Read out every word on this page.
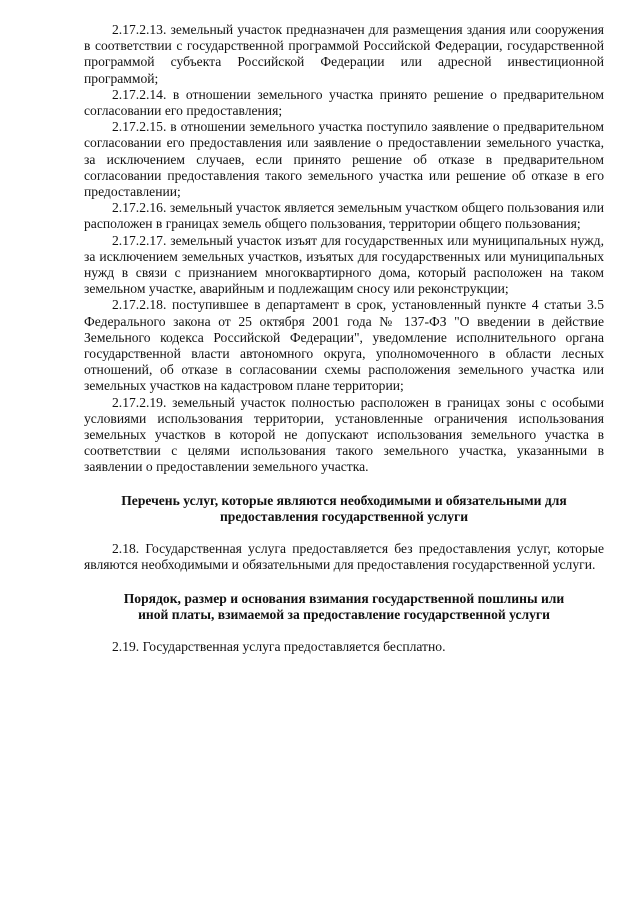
2.17.2.13. земельный участок предназначен для размещения здания или сооружения в соответствии с государственной программой Российской Федерации, государственной программой субъекта Российской Федерации или адресной инвестиционной программой;

2.17.2.14. в отношении земельного участка принято решение о предварительном согласовании его предоставления;

2.17.2.15. в отношении земельного участка поступило заявление о предварительном согласовании его предоставления или заявление о предоставлении земельного участка, за исключением случаев, если принято решение об отказе в предварительном согласовании предоставления такого земельного участка или решение об отказе в его предоставлении;

2.17.2.16. земельный участок является земельным участком общего пользования или расположен в границах земель общего пользования, территории общего пользования;

2.17.2.17. земельный участок изъят для государственных или муниципальных нужд, за исключением земельных участков, изъятых для государственных или муниципальных нужд в связи с признанием многоквартирного дома, который расположен на таком земельном участке, аварийным и подлежащим сносу или реконструкции;

2.17.2.18. поступившее в департамент в срок, установленный пункте 4 статьи 3.5 Федерального закона от 25 октября 2001 года № 137-ФЗ "О введении в действие Земельного кодекса Российской Федерации", уведомление исполнительного органа государственной власти автономного округа, уполномоченного в области лесных отношений, об отказе в согласовании схемы расположения земельного участка или земельных участков на кадастровом плане территории;

2.17.2.19. земельный участок полностью расположен в границах зоны с особыми условиями использования территории, установленные ограничения использования земельных участков в которой не допускают использования земельного участка в соответствии с целями использования такого земельного участка, указанными в заявлении о предоставлении земельного участка.

Перечень услуг, которые являются необходимыми и обязательными для предоставления государственной услуги

2.18. Государственная услуга предоставляется без предоставления услуг, которые являются необходимыми и обязательными для предоставления государственной услуги.

Порядок, размер и основания взимания государственной пошлины или иной платы, взимаемой за предоставление государственной услуги

2.19. Государственная услуга предоставляется бесплатно.
